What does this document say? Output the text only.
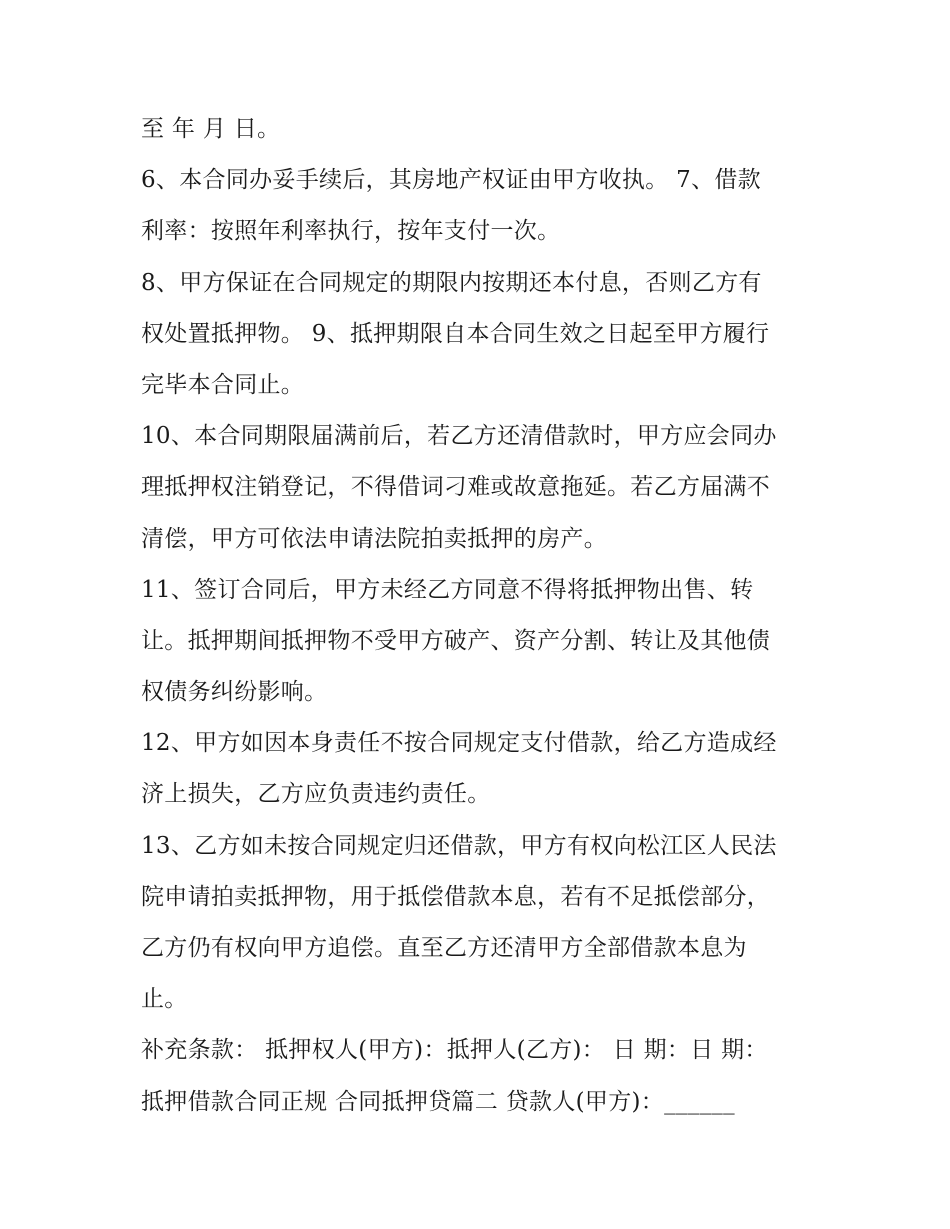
至 年 月 日。
6、本合同办妥手续后，其房地产权证由甲方收执。 7、借款
利率：按照年利率执行，按年支付一次。
8、甲方保证在合同规定的期限内按期还本付息，否则乙方有
权处置抵押物。 9、抵押期限自本合同生效之日起至甲方履行
完毕本合同止。
10、本合同期限届满前后，若乙方还清借款时，甲方应会同办
理抵押权注销登记，不得借词刁难或故意拖延。若乙方届满不
清偿，甲方可依法申请法院拍卖抵押的房产。
11、签订合同后，甲方未经乙方同意不得将抵押物出售、转
让。抵押期间抵押物不受甲方破产、资产分割、转让及其他债
权债务纠纷影响。
12、甲方如因本身责任不按合同规定支付借款，给乙方造成经
济上损失，乙方应负责违约责任。
13、乙方如未按合同规定归还借款，甲方有权向松江区人民法
院申请拍卖抵押物，用于抵偿借款本息，若有不足抵偿部分，
乙方仍有权向甲方追偿。直至乙方还清甲方全部借款本息为
止。
补充条款： 抵押权人(甲方)：抵押人(乙方)： 日 期：日 期：
抵押借款合同正规 合同抵押贷篇二 贷款人(甲方)：______
